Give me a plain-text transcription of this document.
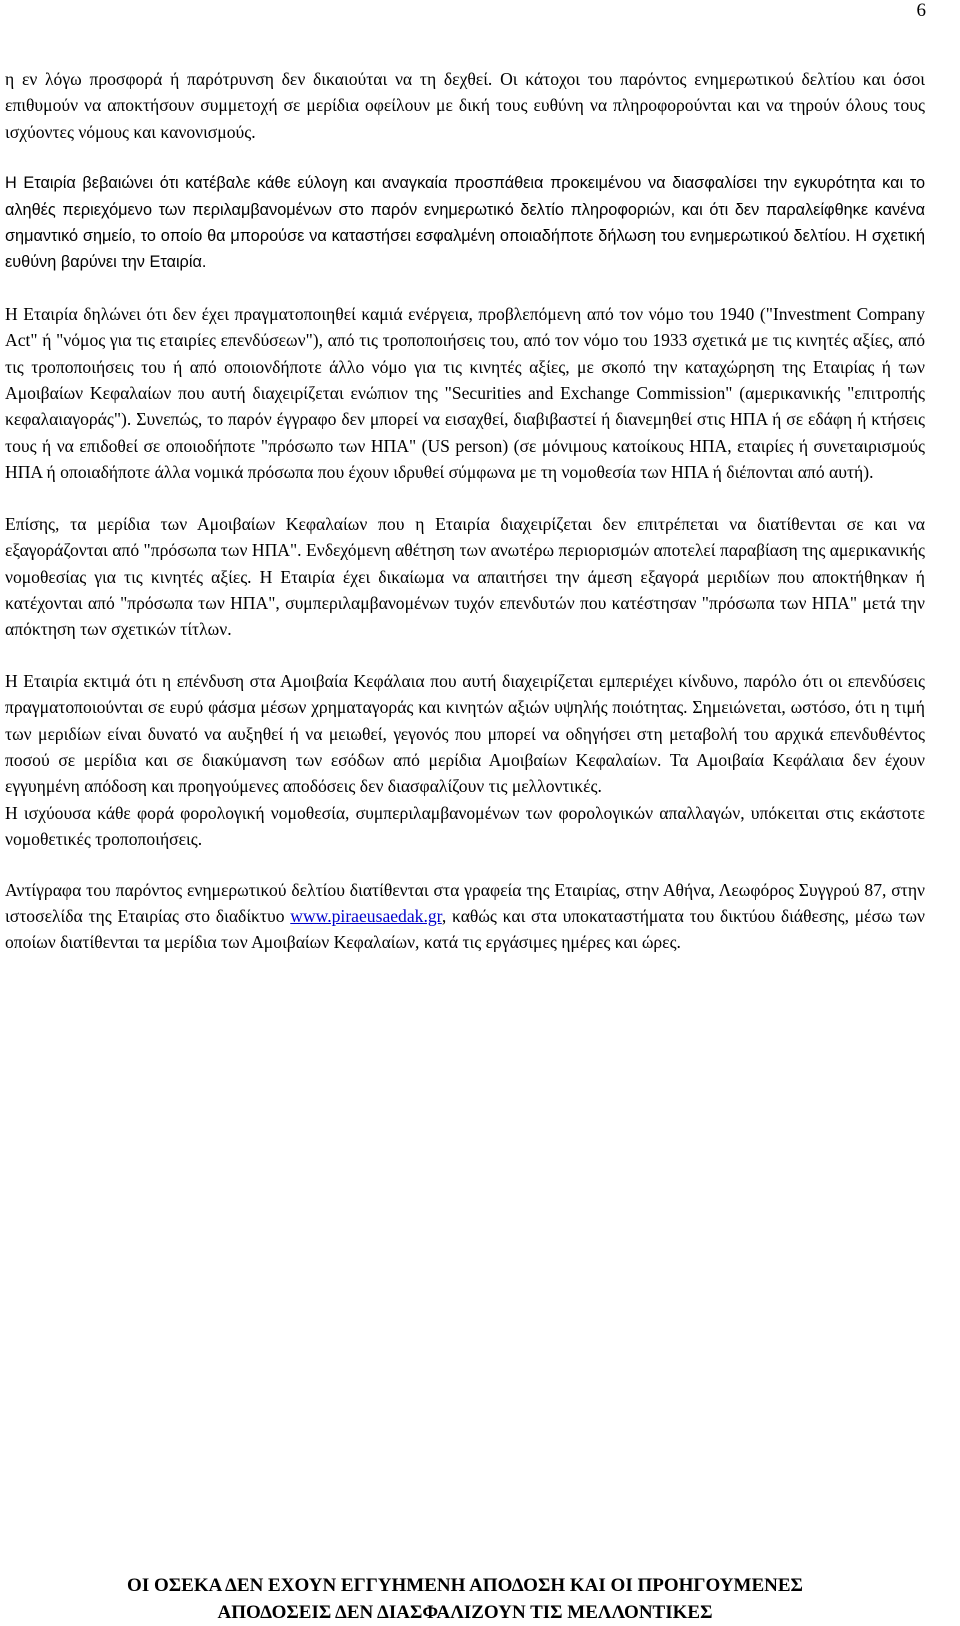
6

η εν λόγω προσφορά ή παρότρυνση δεν δικαιούται να τη δεχθεί. Οι κάτοχοι του παρόντος ενημερωτικού δελτίου και όσοι επιθυμούν να αποκτήσουν συμμετοχή σε μερίδια οφείλουν με δική τους ευθύνη να πληροφορούνται και να τηρούν όλους τους ισχύοντες νόμους και κανονισμούς.

Η Εταιρία βεβαιώνει ότι κατέβαλε κάθε εύλογη και αναγκαία προσπάθεια προκειμένου να διασφαλίσει την εγκυρότητα και το αληθές περιεχόμενο των περιλαμβανομένων στο παρόν ενημερωτικό δελτίο πληροφοριών, και ότι δεν παραλείφθηκε κανένα σημαντικό σημείο, το οποίο θα μπορούσε να καταστήσει εσφαλμένη οποιαδήποτε δήλωση του ενημερωτικού δελτίου. Η σχετική ευθύνη βαρύνει την Εταιρία.

Η Εταιρία δηλώνει ότι δεν έχει πραγματοποιηθεί καμιά ενέργεια, προβλεπόμενη από τον νόμο του 1940 ("Investment Company Act" ή "νόμος για τις εταιρίες επενδύσεων"), από τις τροποποιήσεις του, από τον νόμο του 1933 σχετικά με τις κινητές αξίες, από τις τροποποιήσεις του ή από οποιονδήποτε άλλο νόμο για τις κινητές αξίες, με σκοπό την καταχώρηση της Εταιρίας ή των Αμοιβαίων Κεφαλαίων που αυτή διαχειρίζεται ενώπιον της "Securities and Exchange Commission" (αμερικανικής "επιτροπής κεφαλαιαγοράς"). Συνεπώς, το παρόν έγγραφο δεν μπορεί να εισαχθεί, διαβιβαστεί ή διανεμηθεί στις ΗΠΑ ή σε εδάφη ή κτήσεις τους ή να επιδοθεί σε οποιοδήποτε "πρόσωπο των ΗΠΑ" (US person) (σε μόνιμους κατοίκους ΗΠΑ, εταιρίες ή συνεταιρισμούς ΗΠΑ ή οποιαδήποτε άλλα νομικά πρόσωπα που έχουν ιδρυθεί σύμφωνα με τη νομοθεσία των ΗΠΑ ή διέπονται από αυτή).

Επίσης, τα μερίδια των Αμοιβαίων Κεφαλαίων που η Εταιρία διαχειρίζεται δεν επιτρέπεται να διατίθενται σε και να εξαγοράζονται από "πρόσωπα των ΗΠΑ". Ενδεχόμενη αθέτηση των ανωτέρω περιορισμών αποτελεί παραβίαση της αμερικανικής νομοθεσίας για τις κινητές αξίες. Η Εταιρία έχει δικαίωμα να απαιτήσει την άμεση εξαγορά μεριδίων που αποκτήθηκαν ή κατέχονται από "πρόσωπα των ΗΠΑ", συμπεριλαμβανομένων τυχόν επενδυτών που κατέστησαν "πρόσωπα των ΗΠΑ" μετά την απόκτηση των σχετικών τίτλων.

Η Εταιρία εκτιμά ότι η επένδυση στα Αμοιβαία Κεφάλαια που αυτή διαχειρίζεται εμπεριέχει κίνδυνο, παρόλο ότι οι επενδύσεις πραγματοποιούνται σε ευρύ φάσμα μέσων χρηματαγοράς και κινητών αξιών υψηλής ποιότητας. Σημειώνεται, ωστόσο, ότι η τιμή των μεριδίων είναι δυνατό να αυξηθεί ή να μειωθεί, γεγονός που μπορεί να οδηγήσει στη μεταβολή του αρχικά επενδυθέντος ποσού σε μερίδια και σε διακύμανση των εσόδων από μερίδια Αμοιβαίων Κεφαλαίων. Τα Αμοιβαία Κεφάλαια δεν έχουν εγγυημένη απόδοση και προηγούμενες αποδόσεις δεν διασφαλίζουν τις μελλοντικές.

Η ισχύουσα κάθε φορά φορολογική νομοθεσία, συμπεριλαμβανομένων των φορολογικών απαλλαγών, υπόκειται στις εκάστοτε νομοθετικές τροποποιήσεις.

Αντίγραφα του παρόντος ενημερωτικού δελτίου διατίθενται στα γραφεία της Εταιρίας, στην Αθήνα, Λεωφόρος Συγγρού 87, στην ιστοσελίδα της Εταιρίας στο διαδίκτυο www.piraeusaedak.gr, καθώς και στα υποκαταστήματα του δικτύου διάθεσης, μέσω των οποίων διατίθενται τα μερίδια των Αμοιβαίων Κεφαλαίων, κατά τις εργάσιμες ημέρες και ώρες.

ΟΙ ΟΣΕΚΑ ΔΕΝ ΕΧΟΥΝ ΕΓΓΥΗΜΕΝΗ ΑΠΟΔΟΣΗ ΚΑΙ ΟΙ ΠΡΟΗΓΟΥΜΕΝΕΣ
ΑΠΟΔΟΣΕΙΣ ΔΕΝ ΔΙΑΣΦΑΛΙΖΟΥΝ ΤΙΣ ΜΕΛΛΟΝΤΙΚΕΣ
